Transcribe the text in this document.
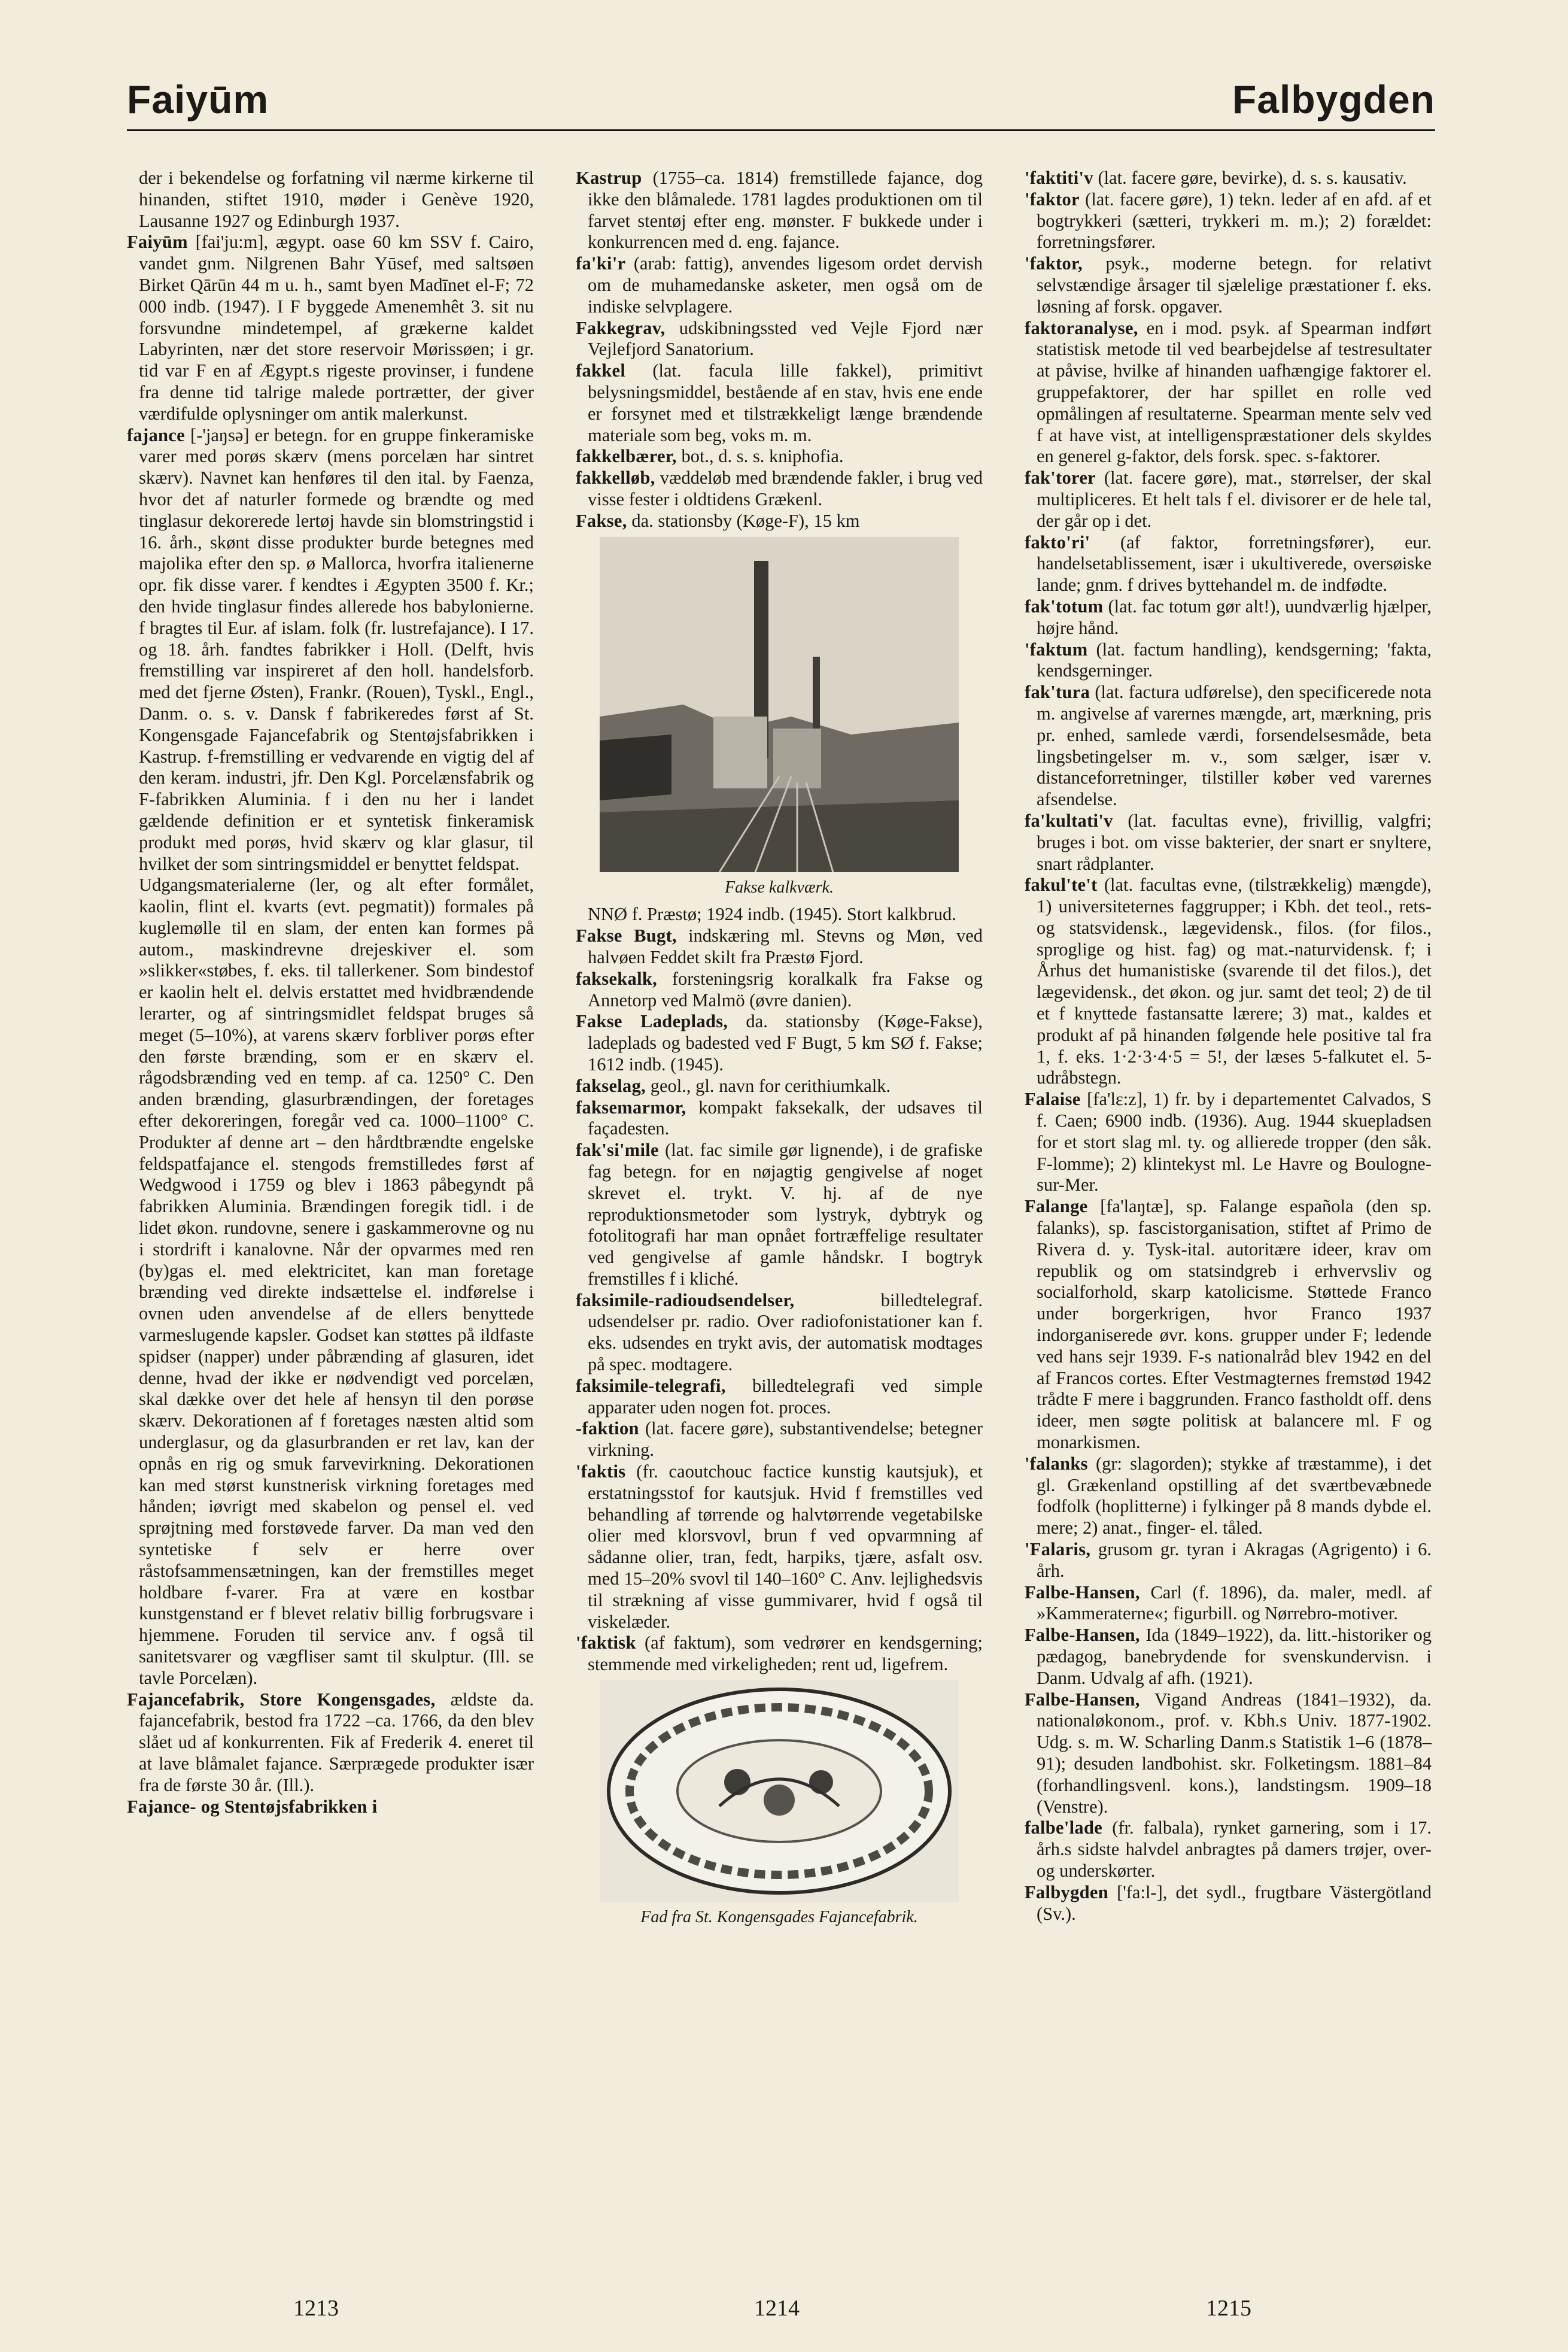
Faiyūm	Falbygden

der i bekendelse og forfatning vil nærme kirkerne til hinanden, stiftet 1910, møder i Genève 1920, Lausanne 1927 og Edinburgh 1937.

Faiyūm [fai'ju:m], ægypt. oase 60 km SSV f. Cairo, vandet gnm. Nilgrenen Bahr Yūsef, med saltsøen Birket Qārūn 44 m u. h., samt byen Madīnet el-F; 72 000 indb. (1947). I F byggede Amenemhêt 3. sit nu forsvundne mindetempel, af grækerne kaldet Labyrinten, nær det store reservoir Mørissøen; i gr. tid var F en af Ægypt.s rigeste provinser, i fundene fra denne tid talrige malede portrætter, der giver værdifulde oplysninger om antik malerkunst.

fajance [-'jaŋsə] er betegn. for en gruppe finkeramiske varer med porøs skærv (mens porcelæn har sintret skærv). Navnet kan henføres til den ital. by Faenza, hvor det af naturler formede og brændte og med tinglasur dekorerede lertøj havde sin blomstringstid i 16. årh., skønt disse produkter burde betegnes med majolika efter den sp. ø Mallorca, hvorfra italienerne opr. fik disse varer. f kendtes i Ægypten 3500 f. Kr.; den hvide tinglasur findes allerede hos babylonierne. f bragtes til Eur. af islam. folk (fr. lustrefajance). I 17. og 18. årh. fandtes fabrikker i Holl. (Delft, hvis fremstilling var inspireret af den holl. handelsforb. med det fjerne Østen), Frankr. (Rouen), Tyskl., Engl., Danm. o. s. v. Dansk f fabrikeredes først af St. Kongensgade Fajancefabrik og Stentøjsfabrikken i Kastrup. f-fremstilling er vedvarende en vigtig del af den keram. industri, jfr. Den Kgl. Porcelænsfabrik og F-fabrikken Aluminia. f i den nu her i landet gældende definition er et syntetisk finkeramisk produkt med porøs, hvid skærv og klar glasur, til hvilket der som sintringsmiddel er benyttet feldspat.

Udgangsmaterialerne (ler, og alt efter formålet, kaolin, flint el. kvarts (evt. pegmatit)) formales på kuglemølle til en slam, der enten kan formes på autom., maskindrevne drejeskiver el. som »slikker«støbes, f. eks. til tallerkener. Som bindestof er kaolin helt el. delvis erstattet med hvidbrændende lerarter, og af sintringsmidlet feldspat bruges så meget (5–10%), at varens skærv forbliver porøs efter den første brænding, som er en skærv el. rågodsbrænding ved en temp. af ca. 1250° C. Den anden brænding, glasurbrændingen, der foretages efter dekoreringen, foregår ved ca. 1000–1100° C. Produkter af denne art – den hårdtbrændte engelske feldspatfajance el. stengods fremstilledes først af Wedgwood i 1759 og blev i 1863 påbegyndt på fabrikken Aluminia. Brændingen foregik tidl. i de lidet økon. rundovne, senere i gaskammerovne og nu i stordrift i kanalovne. Når der opvarmes med ren (by)gas el. med elektricitet, kan man foretage brænding ved direkte indsættelse el. indførelse i ovnen uden anvendelse af de ellers benyttede varmeslugende kapsler. Godset kan støttes på ildfaste spidser (napper) under påbrænding af glasuren, idet denne, hvad der ikke er nødvendigt ved porcelæn, skal dække over det hele af hensyn til den porøse skærv. Dekorationen af f foretages næsten altid som underglasur, og da glasurbranden er ret lav, kan der opnås en rig og smuk farvevirkning. Dekorationen kan med størst kunstnerisk virkning foretages med hånden; iøvrigt med skabelon og pensel el. ved sprøjtning med forstøvede farver. Da man ved den syntetiske f selv er herre over råstofsammensætningen, kan der fremstilles meget holdbare f-varer. Fra at være en kostbar kunstgenstand er f blevet relativ billig forbrugsvare i hjemmene. Foruden til service anv. f også til sanitetsvarer og vægfliser samt til skulptur. (Ill. se tavle Porcelæn).

Fajancefabrik, Store Kongensgades, ældste da. fajancefabrik, bestod fra 1722 –ca. 1766, da den blev slået ud af konkurrenten. Fik af Frederik 4. eneret til at lave blåmalet fajance. Særprægede produkter især fra de første 30 år. (Ill.).

Fajance- og Stentøjsfabrikken i

Kastrup (1755–ca. 1814) fremstillede fajance, dog ikke den blåmalede. 1781 lagdes produktionen om til farvet stentøj efter eng. mønster. F bukkede under i konkurrencen med d. eng. fajance.

fa'ki'r (arab: fattig), anvendes ligesom ordet dervish om de muhamedanske asketer, men også om de indiske selvplagere.

Fakkegrav, udskibningssted ved Vejle Fjord nær Vejlefjord Sanatorium.

fakkel (lat. facula lille fakkel), primitivt belysningsmiddel, bestående af en stav, hvis ene ende er forsynet med et tilstrækkeligt længe brændende materiale som beg, voks m. m.

fakkelbærer, bot., d. s. s. kniphofia.

fakkelløb, væddeløb med brændende fakler, i brug ved visse fester i oldtidens Grækenl.

Fakse, da. stationsby (Køge-F), 15 km

Fakse kalkværk.

NNØ f. Præstø; 1924 indb. (1945). Stort kalkbrud.

Fakse Bugt, indskæring ml. Stevns og Møn, ved halvøen Feddet skilt fra Præstø Fjord.

faksekalk, forsteningsrig koralkalk fra Fakse og Annetorp ved Malmö (øvre danien).

Fakse Ladeplads, da. stationsby (Køge-Fakse), ladeplads og badested ved F Bugt, 5 km SØ f. Fakse; 1612 indb. (1945).

fakselag, geol., gl. navn for cerithiumkalk.

faksemarmor, kompakt faksekalk, der udsaves til façadesten.

fak'si'mile (lat. fac simile gør lignende), i de grafiske fag betegn. for en nøjagtig gengivelse af noget skrevet el. trykt. V. hj. af de nye reproduktionsmetoder som lystryk, dybtryk og fotolitografi har man opnået fortræffelige resultater ved gengivelse af gamle håndskr. I bogtryk fremstilles f i kliché.

faksimile-radioudsendelser, billedtelegraf. udsendelser pr. radio. Over radiofonistationer kan f. eks. udsendes en trykt avis, der automatisk modtages på spec. modtagere.

faksimile-telegrafi, billedtelegrafi ved simple apparater uden nogen fot. proces.

-faktion (lat. facere gøre), substantivendelse; betegner virkning.

'faktis (fr. caoutchouc factice kunstig kautsjuk), et erstatningsstof for kautsjuk. Hvid f fremstilles ved behandling af tørrende og halvtørrende vegetabilske olier med klorsvovl, brun f ved opvarmning af sådanne olier, tran, fedt, harpiks, tjære, asfalt osv. med 15–20% svovl til 140–160° C. Anv. lejlighedsvis til strækning af visse gummivarer, hvid f også til viskelæder.

'faktisk (af faktum), som vedrører en kendsgerning; stemmende med virkeligheden; rent ud, ligefrem.

Fad fra St. Kongensgades Fajancefabrik.

'faktiti'v (lat. facere gøre, bevirke), d. s. s. kausativ.

'faktor (lat. facere gøre), 1) tekn. leder af en afd. af et bogtrykkeri (sætteri, trykkeri m. m.); 2) forældet: forretningsfører.

'faktor, psyk., moderne betegn. for relativt selvstændige årsager til sjælelige præstationer f. eks. løsning af forsk. opgaver.

faktoranalyse, en i mod. psyk. af Spearman indført statistisk metode til ved bearbejdelse af testresultater at påvise, hvilke af hinanden uafhængige faktorer el. gruppefaktorer, der har spillet en rolle ved opmålingen af resultaterne. Spearman mente selv ved f at have vist, at intelligenspræstationer dels skyldes en generel g-faktor, dels forsk. spec. s-faktorer.

fak'torer (lat. facere gøre), mat., størrelser, der skal multipliceres. Et helt tals f el. divisorer er de hele tal, der går op i det.

fakto'ri' (af faktor, forretningsfører), eur. handelsetablissement, især i ukultiverede, oversøiske lande; gnm. f drives byttehandel m. de indfødte.

fak'totum (lat. fac totum gør alt!), uundværlig hjælper, højre hånd.

'faktum (lat. factum handling), kendsgerning; 'fakta, kendsgerninger.

fak'tura (lat. factura udførelse), den specificerede nota m. angivelse af varernes mængde, art, mærkning, pris pr. enhed, samlede værdi, forsendelsesmåde, beta lingsbetingelser m. v., som sælger, især v. distanceforretninger, tilstiller køber ved varernes afsendelse.

fa'kultati'v (lat. facultas evne), frivillig, valgfri; bruges i bot. om visse bakterier, der snart er snyltere, snart rådplanter.

fakul'te't (lat. facultas evne, (tilstrækkelig) mængde), 1) universiteternes faggrupper; i Kbh. det teol., rets- og statsvidensk., lægevidensk., filos. (for filos., sproglige og hist. fag) og mat.-naturvidensk. f; i Århus det humanistiske (svarende til det filos.), det lægevidensk., det økon. og jur. samt det teol; 2) de til et f knyttede fastansatte lærere; 3) mat., kaldes et produkt af på hinanden følgende hele positive tal fra 1, f. eks. 1·2·3·4·5 = 5!, der læses 5-falkutet el. 5-udråbstegn.

Falaise [fa'lε:z], 1) fr. by i departementet Calvados, S f. Caen; 6900 indb. (1936). Aug. 1944 skuepladsen for et stort slag ml. ty. og allierede tropper (den såk. F-lomme); 2) klintekyst ml. Le Havre og Boulogne-sur-Mer.

Falange [fa'laŋtæ], sp. Falange española (den sp. falanks), sp. fascistorganisation, stiftet af Primo de Rivera d. y. Tysk-ital. autoritære ideer, krav om republik og om statsindgreb i erhvervsliv og socialforhold, skarp katolicisme. Støttede Franco under borgerkrigen, hvor Franco 1937 indorganiserede øvr. kons. grupper under F; ledende ved hans sejr 1939. F-s nationalråd blev 1942 en del af Francos cortes. Efter Vestmagternes fremstød 1942 trådte F mere i baggrunden. Franco fastholdt off. dens ideer, men søgte politisk at balancere ml. F og monarkismen.

'falanks (gr: slagorden); stykke af træstamme), i det gl. Grækenland opstilling af det sværtbevæbnede fodfolk (hoplitterne) i fylkinger på 8 mands dybde el. mere; 2) anat., finger- el. tåled.

'Falaris, grusom gr. tyran i Akragas (Agrigento) i 6. årh.

Falbe-Hansen, Carl (f. 1896), da. maler, medl. af »Kammeraterne«; figurbill. og Nørrebro-motiver.

Falbe-Hansen, Ida (1849–1922), da. litt.-historiker og pædagog, banebrydende for svenskundervisn. i Danm. Udvalg af afh. (1921).

Falbe-Hansen, Vigand Andreas (1841–1932), da. nationaløkonom., prof. v. Kbh.s Univ. 1877-1902. Udg. s. m. W. Scharling Danm.s Statistik 1–6 (1878–91); desuden landbohist. skr. Folketingsm. 1881–84 (forhandlingsvenl. kons.), landstingsm. 1909–18 (Venstre).

falbe'lade (fr. falbala), rynket garnering, som i 17. årh.s sidste halvdel anbragtes på damers trøjer, over- og underskørter.

Falbygden ['fa:l-], det sydl., frugtbare Västergötland (Sv.).

1213	1214	1215
